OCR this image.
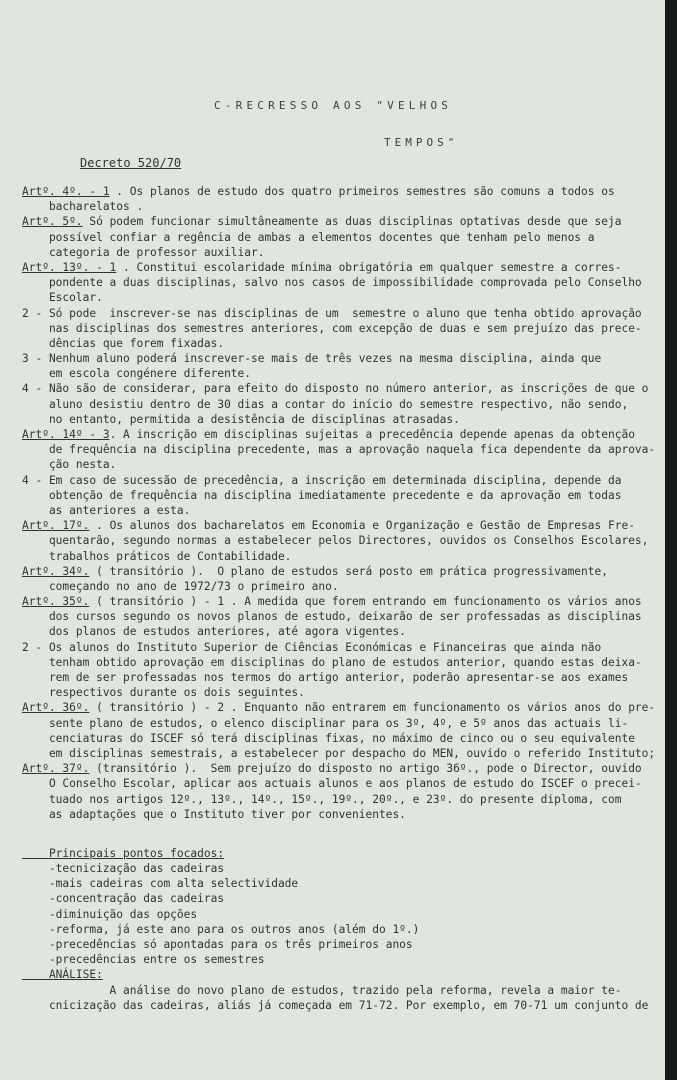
C-RECRESSO AOS "VELHOS
TEMPOS"
Decreto 520/70
Artº. 4º. - 1 . Os planos de estudo dos quatro primeiros semestres são comuns a todos os
bacharelatos .
Artº. 5º. Só podem funcionar simultâneamente as duas disciplinas optativas desde que seja
possível confiar a regência de ambas a elementos docentes que tenham pelo menos a
categoria de professor auxiliar.
Artº. 13º. - 1 . Constitui escolaridade mínima obrigatória em qualquer semestre a corres-
pondente a duas disciplinas, salvo nos casos de impossibilidade comprovada pelo Conselho
Escolar.
2 - Só pode  inscrever-se nas disciplinas de um  semestre o aluno que tenha obtido aprovação
nas disciplinas dos semestres anteriores, com excepção de duas e sem prejuízo das prece-
dências que forem fixadas.
3 - Nenhum aluno poderá inscrever-se mais de três vezes na mesma disciplina, ainda que
em escola congénere diferente.
4 - Não são de considerar, para efeito do disposto no número anterior, as inscrições de que o
aluno desistiu dentro de 30 dias a contar do início do semestre respectivo, não sendo,
no entanto, permitida a desistência de disciplinas atrasadas.
Artº. 14º - 3. A inscrição em disciplinas sujeitas a precedência depende apenas da obtenção
de frequência na disciplina precedente, mas a aprovação naquela fica dependente da aprova-
ção nesta.
4 - Em caso de sucessão de precedência, a inscrição em determinada disciplina, depende da
obtenção de frequência na disciplina imediatamente precedente e da aprovação em todas
as anteriores a esta.
Artº. 17º. . Os alunos dos bacharelatos em Economia e Organização e Gestão de Empresas Fre-
quentarão, segundo normas a estabelecer pelos Directores, ouvidos os Conselhos Escolares,
trabalhos práticos de Contabilidade.
Artº. 34º. ( transitório ).  O plano de estudos será posto em prática progressivamente,
começando no ano de 1972/73 o primeiro ano.
Artº. 35º. ( transitório ) - 1 . A medida que forem entrando em funcionamento os vários anos
dos cursos segundo os novos planos de estudo, deixarão de ser professadas as disciplinas
dos planos de estudos anteriores, até agora vigentes.
2 - Os alunos do Instituto Superior de Ciências Económicas e Financeiras que ainda não
tenham obtido aprovação em disciplinas do plano de estudos anterior, quando estas deixa-
rem de ser professadas nos termos do artigo anterior, poderão apresentar-se aos exames
respectivos durante os dois seguintes.
Artº. 36º. ( transitório ) - 2 . Enquanto não entrarem em funcionamento os vários anos do pre-
sente plano de estudos, o elenco disciplinar para os 3º, 4º, e 5º anos das actuais li-
cenciaturas do ISCEF só terá disciplinas fixas, no máximo de cinco ou o seu equivalente
em disciplinas semestrais, a estabelecer por despacho do MEN, ouvido o referido Instituto;
Artº. 37º. (transitório ).  Sem prejuízo do disposto no artigo 36º., pode o Director, ouvido
O Conselho Escolar, aplicar aos actuais alunos e aos planos de estudo do ISCEF o precei-
tuado nos artigos 12º., 13º., 14º., 15º., 19º., 20º., e 23º. do presente diploma, com
as adaptações que o Instituto tiver por convenientes.
Principais pontos focados:
-tecnicização das cadeiras
-mais cadeiras com alta selectividade
-concentração das cadeiras
-diminuição das opções
-reforma, já este ano para os outros anos (além do 1º.)
-precedências só apontadas para os três primeiros anos
-precedências entre os semestres
ANÁLISE:
A análise do novo plano de estudos, trazido pela reforma, revela a maior te-
cnicização das cadeiras, aliás já começada em 71-72. Por exemplo, em 70-71 um conjunto de
